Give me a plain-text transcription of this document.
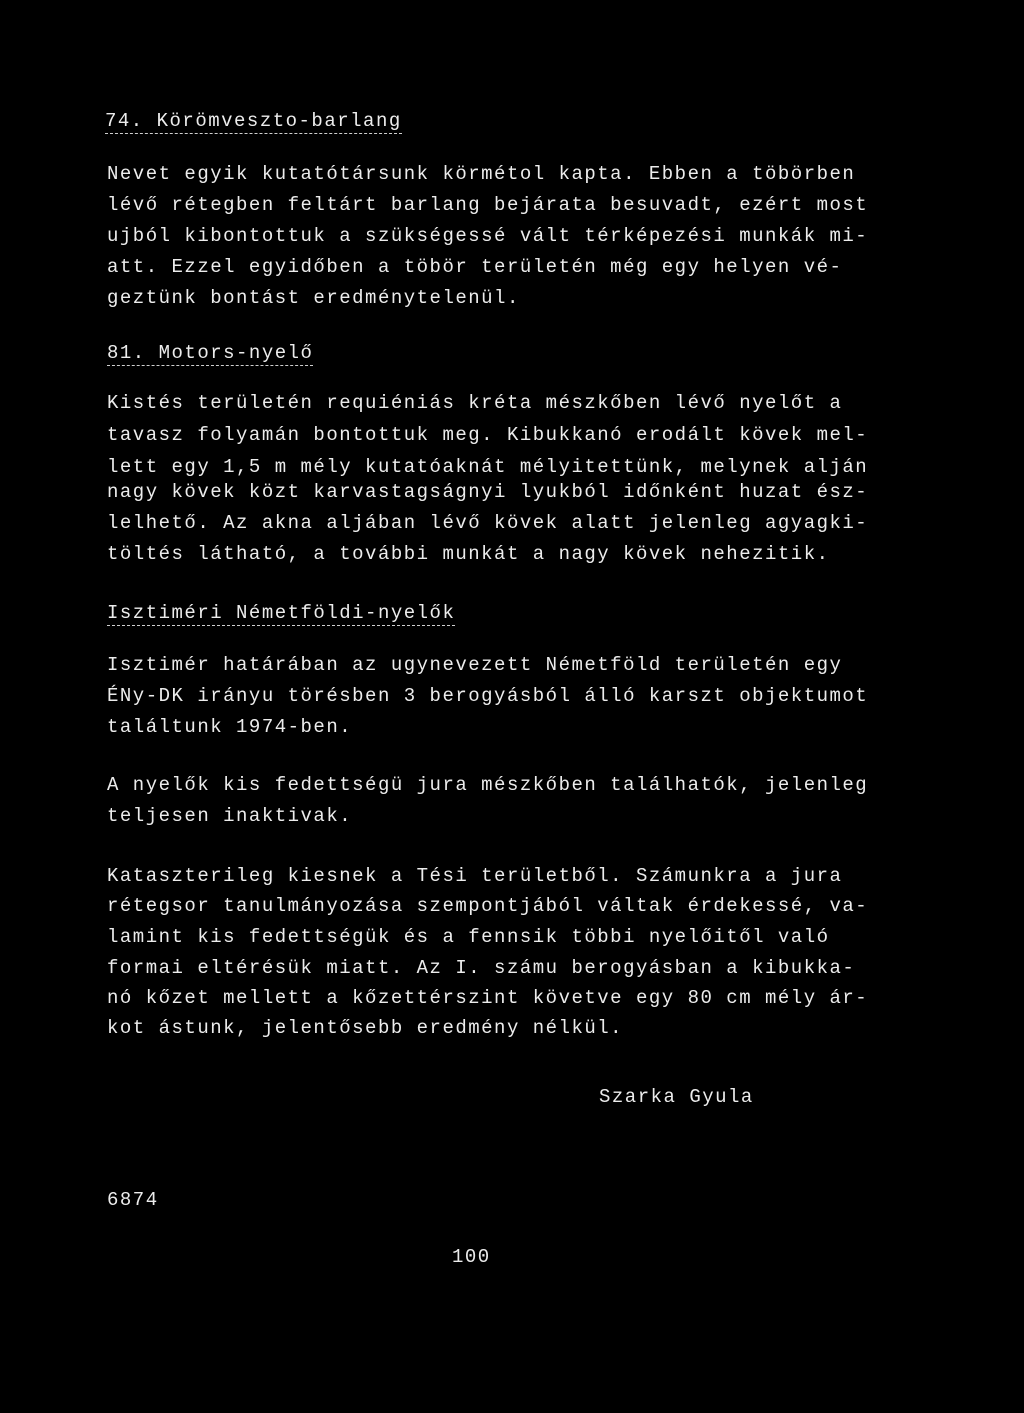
74. Körömveszto-barlang

Nevet egyik kutatótársunk körmétol kapta. Ebben a töbörben

lévő rétegben feltárt barlang bejárata besuvadt, ezért most

ujból kibontottuk a szükségessé vált térképezési munkák mi-

att. Ezzel egyidőben a töbör területén még egy helyen vé-

geztünk bontást eredménytelenül.

81. Motors-nyelő

Kistés területén requiéniás kréta mészkőben lévő nyelőt a

tavasz folyamán bontottuk meg. Kibukkanó erodált kövek mel-

lett egy 1,5 m mély kutatóaknát mélyitettünk, melynek alján

nagy kövek közt karvastagságnyi lyukból időnként huzat ész-

lelhető. Az akna aljában lévő kövek alatt jelenleg agyagki-

töltés látható, a további munkát a nagy kövek nehezitik.

Isztiméri Németföldi-nyelők

Isztimér határában az ugynevezett Németföld területén egy

ÉNy-DK irányu törésben 3 berogyásból álló karszt objektumot

találtunk 1974-ben.

A nyelők kis fedettségü jura mészkőben találhatók, jelenleg

teljesen inaktivak.

Kataszterileg kiesnek a Tési területből. Számunkra a jura

rétegsor tanulmányozása szempontjából váltak érdekessé, va-

lamint kis fedettségük és a fennsik többi nyelőitől való

formai eltérésük miatt. Az I. számu berogyásban a kibukka-

nó kőzet mellett a kőzettérszint követve egy 80 cm mély ár-

kot ástunk, jelentősebb eredmény nélkül.

Szarka Gyula

6874

100
